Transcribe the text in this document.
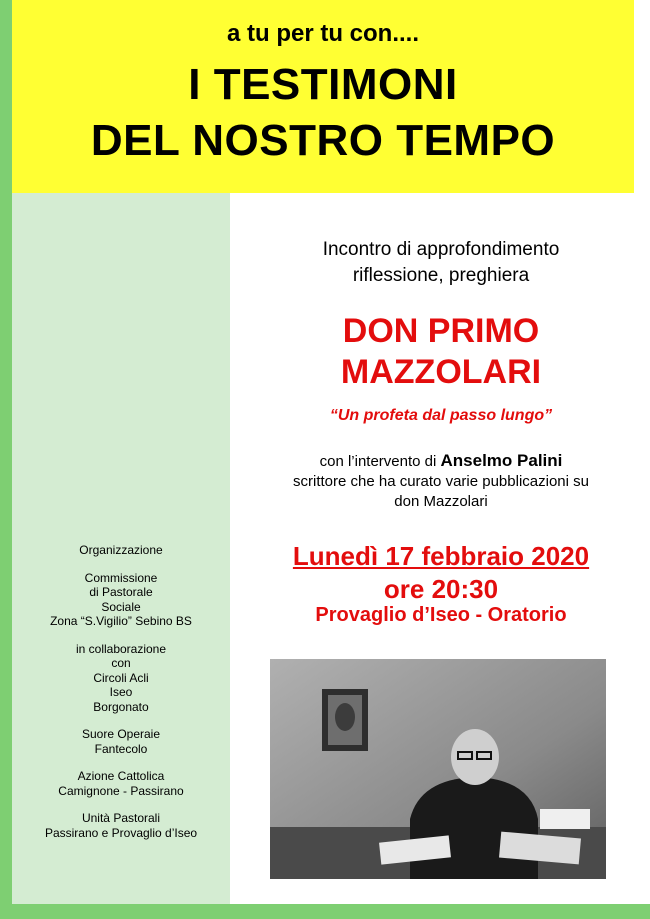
a tu per tu con....
I TESTIMONI
DEL NOSTRO TEMPO
Organizzazione
Commissione
di Pastorale
Sociale
Zona “S.Vigilio” Sebino BS
in collaborazione
con
Circoli Acli
Iseo
Borgonato
Suore Operaie
Fantecolo
Azione Cattolica
Camignone - Passirano
Unità Pastorali
Passirano e Provaglio d’Iseo
Incontro di approfondimento
riflessione, preghiera
DON PRIMO
MAZZOLARI
“Un profeta dal passo lungo”
con l’intervento di Anselmo Palini
scrittore che ha curato varie pubblicazioni su
don Mazzolari
Lunedì 17 febbraio 2020
ore 20:30
Provaglio d’Iseo - Oratorio
